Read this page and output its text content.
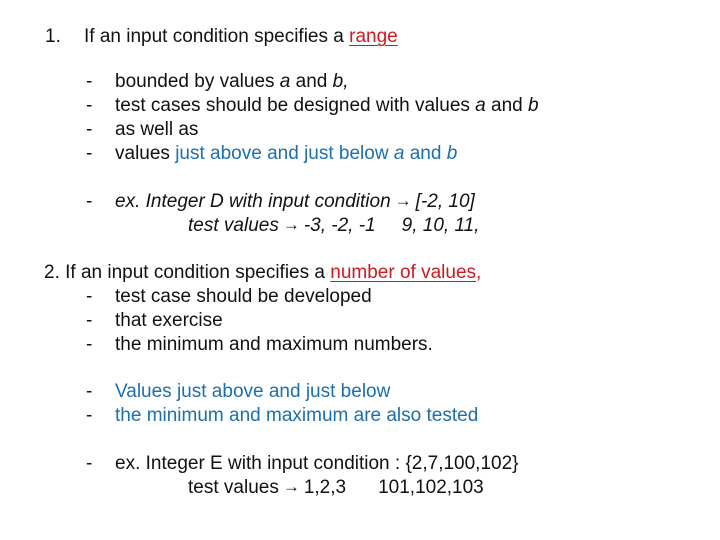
1. If an input condition specifies a range
- bounded by values a and b,
- test cases should be designed with values a and b
- as well as
- values just above and just below a and b
- ex. Integer D with input condition → [-2, 10]
test values → -3, -2, -1 9, 10, 11,
2. If an input condition specifies a number of values,
- test case should be developed
- that exercise
- the minimum and maximum numbers.
- Values just above and just below
- the minimum and maximum are also tested
- ex. Integer E with input condition : {2,7,100,102}
test values → 1,2,3 101,102,103
